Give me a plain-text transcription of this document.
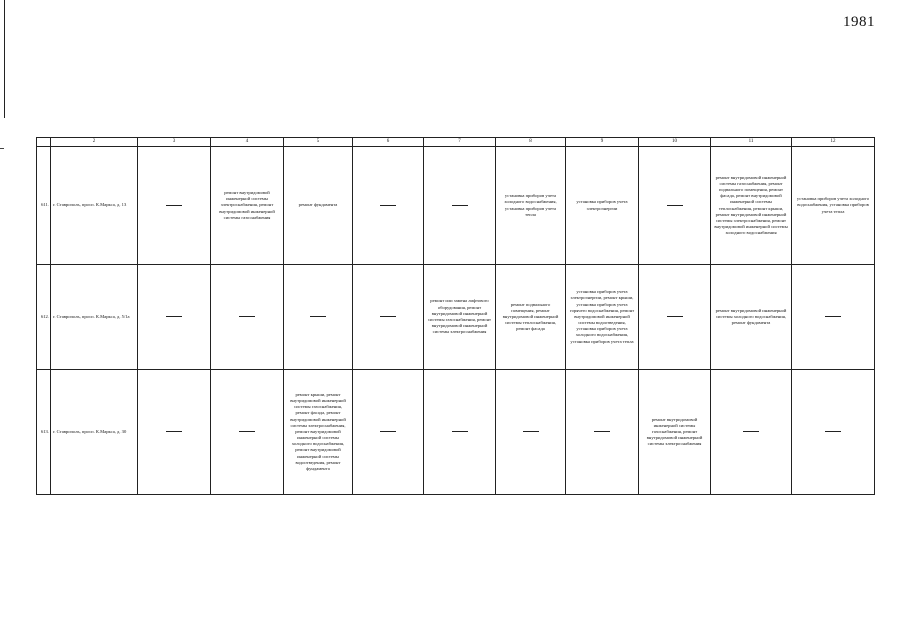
1981
	2	3	4	5	6	7	8	9	10	11	12
611.	г. Ставрополь, просп. К.Маркса, д. 13		ремонт внутридомовой инженерной системы электроснабжения, ремонт внутридомовой инженерной системы газоснабжения	ремонт фундамента			установка приборов учета холодного водоснабжения, установка приборов учета тепла	установка приборов учета электроэнергии		ремонт внутридомовой инженерной системы газоснабжения, ремонт подвального помещения, ремонт фасада, ремонт внутридомовой инженерной системы теплоснабжения, ремонт крыши, ремонт внутридомовой инженерной системы электроснабжения, ремонт внутридомовой инженерной системы холодного водоснабжения	установка приборов учета холодного водоснабжения, установка приборов учета тепла
612.	г. Ставрополь, просп. К.Маркса, д. 5/1а					ремонт или замена лифтового оборудования, ремонт внутридомовой инженерной системы газоснабжения, ремонт внутридомовой инженерной системы электроснабжения	ремонт подвального помещения, ремонт внутридомовой инженерной системы теплоснабжения, ремонт фасада	установка приборов учета электроэнергии, ремонт крыши, установка приборов учета горячего водоснабжения, ремонт внутридомовой инженерной системы водоотведения, установка приборов учета холодного водоснабжения, установка приборов учета тепла		ремонт внутридомовой инженерной системы холодного водоснабжения, ремонт фундамента	
613.	г. Ставрополь, просп. К.Маркса, д. 30			ремонт крыши, ремонт внутридомовой инженерной системы газоснабжения, ремонт фасада, ремонт внутридомовой инженерной системы электроснабжения, ремонт внутридомовой инженерной системы холодного водоснабжения, ремонт внутридомовой инженерной системы водоотведения, ремонт фундамента					ремонт внутридомовой инженерной системы газоснабжения, ремонт внутридомовой инженерной системы электроснабжения		
